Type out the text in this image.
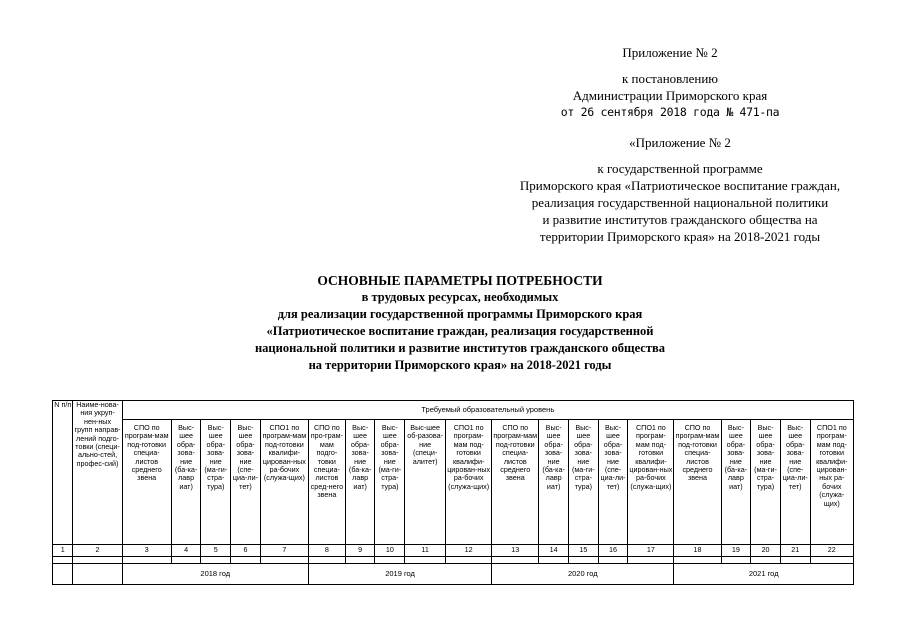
Приложение № 2
к постановлению
Администрации Приморского края
от 26 сентября 2018 года № 471-па
«Приложение № 2
к государственной программе
Приморского края «Патриотическое воспитание граждан,
реализация государственной национальной политики
и развитие институтов гражданского общества на
территории Приморского края» на 2018-2021 годы
ОСНОВНЫЕ ПАРАМЕТРЫ ПОТРЕБНОСТИ
в трудовых ресурсах, необходимых
для реализации государственной программы Приморского края
«Патриотическое воспитание граждан, реализация государственной
национальной политики и развитие институтов гражданского общества
на территории Приморского края» на 2018-2021 годы
N п/п	Наиме-нова-ния укруп-нен-ных групп направ-лений подго-товки (специ-ально-стей, профес-сий)	Требуемый образовательный уровень																			
		СПО по програм-мам под-готовки специа-листов среднего звена	Выс-шее обра-зова-ние (ба-ка-лавр иат)	Выс-шее обра-зова-ние (ма-ги-стра-тура)	Выс-шее обра-зова-ние (спе-циа-ли-тет)	СПО1 по програм-мам под-готовки квалифи-цирован-ных ра-бочих (служа-щих)	СПО по про-грам-мам подго-товки специа-листов сред-него звена	Выс-шее обра-зова-ние (ба-ка-лавр иат)	Выс-шее обра-зова-ние (ма-ги-стра-тура)	Выс-шее об-разова-ние (специ-алитет)	СПО1 по програм-мам под-готовки квалифи-цирован-ных ра-бочих (служа-щих)	СПО по програм-мам под-готовки специа-листов среднего звена	Выс-шее обра-зова-ние (ба-ка-лавр иат)	Выс-шее обра-зова-ние (ма-ги-стра-тура)	Выс-шее обра-зова-ние (спе-циа-ли-тет)	СПО1 по програм-мам под-готовки квалифи-цирован-ных ра-бочих (служа-щих)	СПО по програм-мам под-готовки специа-листов среднего звена	Выс-шее обра-зова-ние (ба-ка-лавр иат)	Выс-шее обра-зова-ние (ма-ги-стра-тура)	Выс-шее обра-зова-ние (спе-циа-ли-тет)	СПО1 по програм-мам под-готовки квалифи-цирован-ных ра-бочих (служа-щих)
1	2	3	4	5	6	7	8	9	10	11	12	13	14	15	16	17	18	19	20	21	22

		2018 год					2019 год					2020 год					2021 год				
